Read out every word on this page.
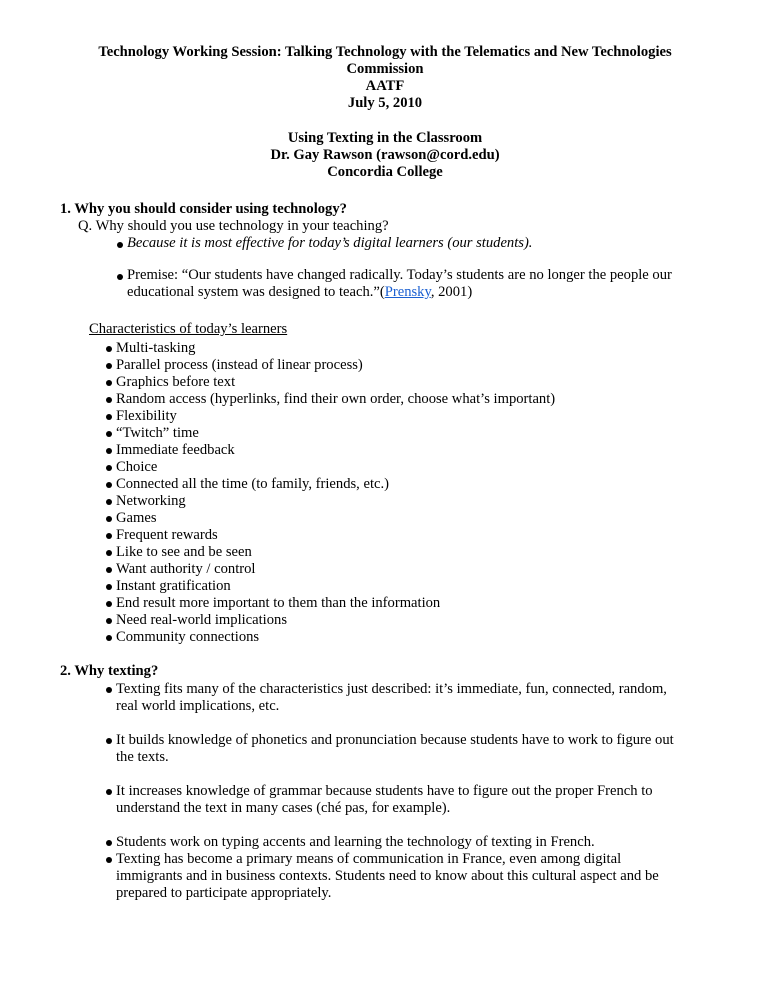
Technology Working Session: Talking Technology with the Telematics and New Technologies
Commission
AATF
July 5, 2010
Using Texting in the Classroom
Dr. Gay Rawson (rawson@cord.edu)
Concordia College
1. Why you should consider using technology?
Q. Why should you use technology in your teaching?
Because it is most effective for today’s digital learners (our students).
Premise: “Our students have changed radically. Today’s students are no longer the people our
educational system was designed to teach.”(Prensky, 2001)
Characteristics of today’s learners
Multi-tasking
Parallel process (instead of linear process)
Graphics before text
Random access (hyperlinks, find their own order, choose what’s important)
Flexibility
“Twitch” time
Immediate feedback
Choice
Connected all the time (to family, friends, etc.)
Networking
Games
Frequent rewards
Like to see and be seen
Want authority / control
Instant gratification
End result more important to them than the information
Need real-world implications
Community connections
2. Why texting?
Texting fits many of the characteristics just described: it’s immediate, fun, connected, random,
real world implications, etc.
It builds knowledge of phonetics and pronunciation because students have to work to figure out
the texts.
It increases knowledge of grammar because students have to figure out the proper French to
understand the text in many cases (ché pas, for example).
Students work on typing accents and learning the technology of texting in French.
Texting has become a primary means of communication in France, even among digital
immigrants and in business contexts. Students need to know about this cultural aspect and be
prepared to participate appropriately.
